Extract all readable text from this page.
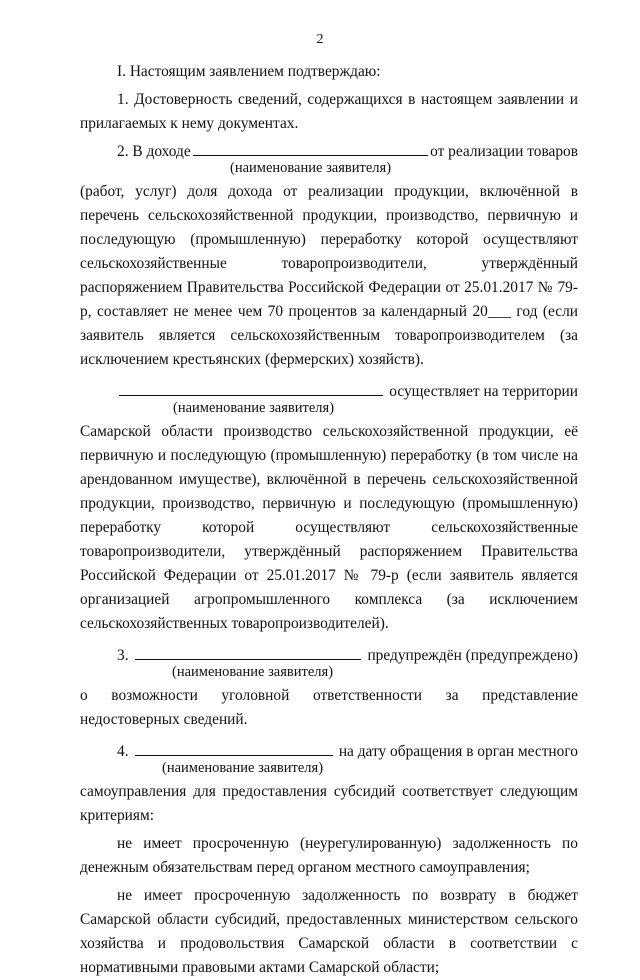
2

I. Настоящим заявлением подтверждаю:

1. Достоверность сведений, содержащихся в настоящем заявлении и прилагаемых к нему документах.

2. В доходе	от реализации товаров
(наименование заявителя)

(работ, услуг) доля дохода от реализации продукции, включённой в перечень сельскохозяйственной продукции, производство, первичную и последующую (промышленную) переработку которой осуществляют сельскохозяйственные товаропроизводители, утверждённый распоряжением Правительства Российской Федерации от 25.01.2017 № 79-р, составляет не менее чем 70 процентов за календарный 20___ год (если заявитель является сельскохозяйственным товаропроизводителем (за исключением крестьянских (фермерских) хозяйств).

осуществляет на территории
(наименование заявителя)

Самарской области производство сельскохозяйственной продукции, её первичную и последующую (промышленную) переработку (в том числе на арендованном имуществе), включённой в перечень сельскохозяйственной продукции, производство, первичную и последующую (промышленную) переработку которой осуществляют сельскохозяйственные товаропроизводители, утверждённый распоряжением Правительства Российской Федерации от 25.01.2017 № 79-р (если заявитель является организацией агропромышленного комплекса (за исключением сельскохозяйственных товаропроизводителей).

3.	предупреждён (предупреждено)
(наименование заявителя)

о возможности уголовной ответственности за представление недостоверных сведений.

4.	на дату обращения в орган местного
(наименование заявителя)

самоуправления для предоставления субсидий соответствует следующим критериям:

не имеет просроченную (неурегулированную) задолженность по денежным обязательствам перед органом местного самоуправления;

не имеет просроченную задолженность по возврату в бюджет Самарской области субсидий, предоставленных министерством сельского хозяйства и продовольствия Самарской области в соответствии с нормативными правовыми актами Самарской области;
